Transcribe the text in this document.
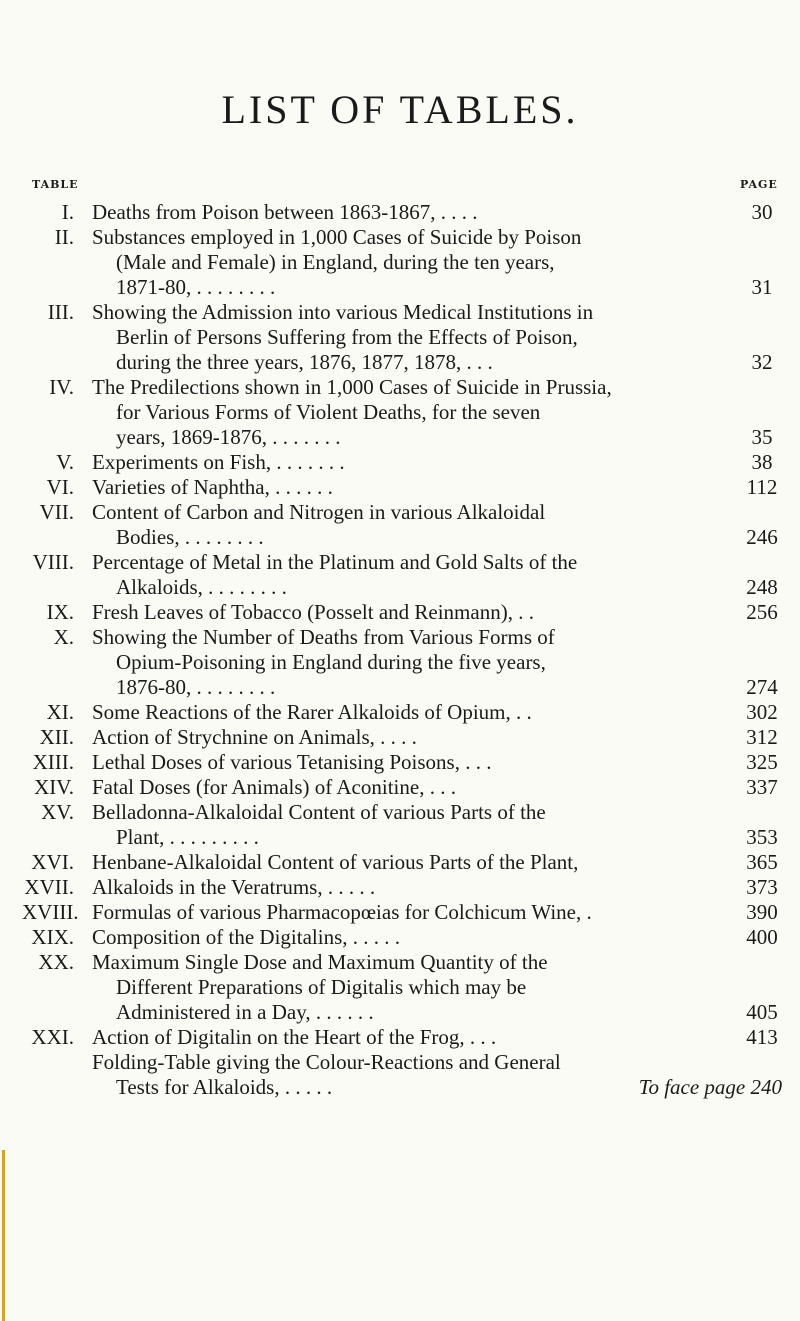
LIST OF TABLES.
TABLE	PAGE
I. Deaths from Poison between 1863-1867, . . . .	30
II. Substances employed in 1,000 Cases of Suicide by Poison
(Male and Female) in England, during the ten years,
1871-80, . . . . . . . .	31
III. Showing the Admission into various Medical Institutions in
Berlin of Persons Suffering from the Effects of Poison,
during the three years, 1876, 1877, 1878, . . .	32
IV. The Predilections shown in 1,000 Cases of Suicide in Prussia,
for Various Forms of Violent Deaths, for the seven
years, 1869-1876, . . . . . . .	35
V. Experiments on Fish, . . . . . . .	38
VI. Varieties of Naphtha, . . . . . .	112
VII. Content of Carbon and Nitrogen in various Alkaloidal
Bodies, . . . . . . . .	246
VIII. Percentage of Metal in the Platinum and Gold Salts of the
Alkaloids, . . . . . . . .	248
IX. Fresh Leaves of Tobacco (Posselt and Reinmann), . .	256
X. Showing the Number of Deaths from Various Forms of
Opium-Poisoning in England during the five years,
1876-80, . . . . . . . .	274
XI. Some Reactions of the Rarer Alkaloids of Opium, . .	302
XII. Action of Strychnine on Animals, . . . .	312
XIII. Lethal Doses of various Tetanising Poisons, . . .	325
XIV. Fatal Doses (for Animals) of Aconitine, . . .	337
XV. Belladonna-Alkaloidal Content of various Parts of the
Plant, . . . . . . . . .	353
XVI. Henbane-Alkaloidal Content of various Parts of the Plant,	365
XVII. Alkaloids in the Veratrums, . . . . .	373
XVIII. Formulas of various Pharmacopœias for Colchicum Wine, .	390
XIX. Composition of the Digitalins, . . . . .	400
XX. Maximum Single Dose and Maximum Quantity of the
Different Preparations of Digitalis which may be
Administered in a Day, . . . . . .	405
XXI. Action of Digitalin on the Heart of the Frog, . . .	413
Folding-Table giving the Colour-Reactions and General
Tests for Alkaloids, . . . . .	To face page 240
